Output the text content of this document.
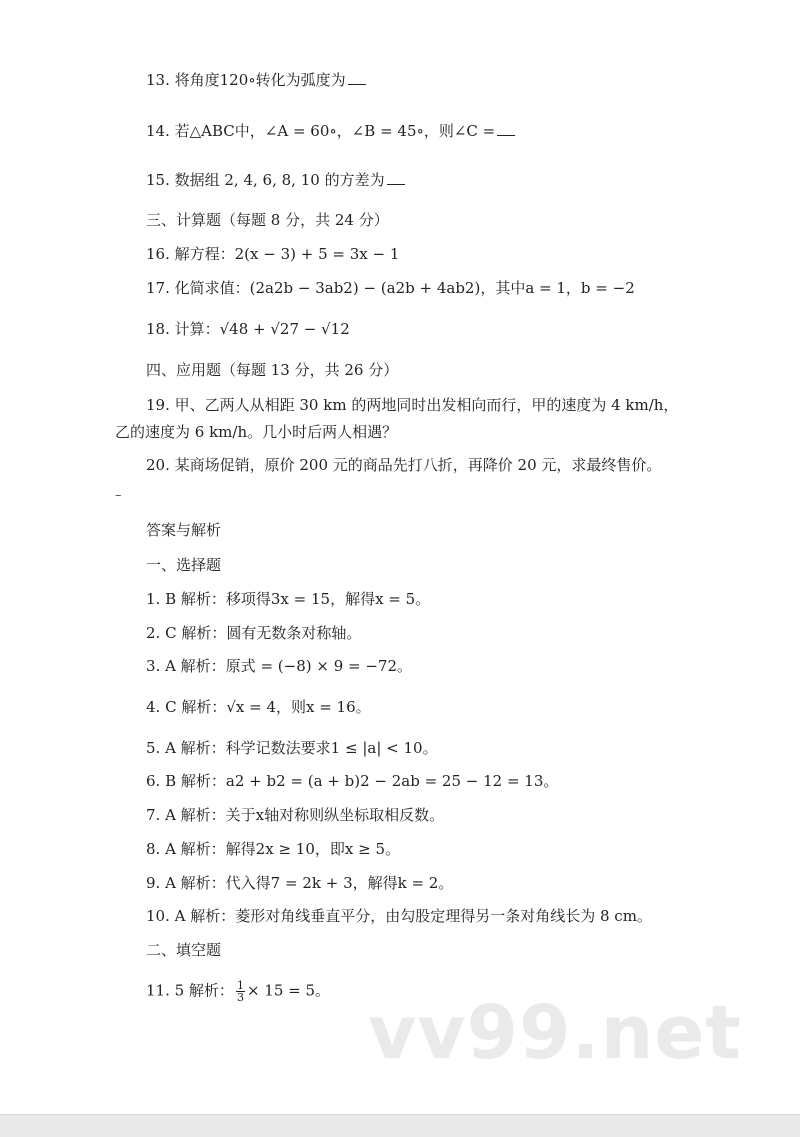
13. 将角度120∘转化为弧度为
14. 若△ABC中，∠A = 60∘，∠B = 45∘，则∠C =
15. 数据组 2, 4, 6, 8, 10 的方差为
三、计算题（每题 8 分，共 24 分）
16. 解方程：2(x − 3) + 5 = 3x − 1
17. 化简求值：(2a2b − 3ab2) − (a2b + 4ab2)，其中a = 1，b = −2
18. 计算：√48 + √27 − √12
四、应用题（每题 13 分，共 26 分）
19. 甲、乙两人从相距 30 km 的两地同时出发相向而行，甲的速度为 4 km/h，
乙的速度为 6 km/h。几小时后两人相遇？
20. 某商场促销，原价 200 元的商品先打八折，再降价 20 元，求最终售价。
–
答案与解析
一、选择题
1. B 解析：移项得3x = 15，解得x = 5。
2. C 解析：圆有无数条对称轴。
3. A 解析：原式 = (−8) × 9 = −72。
4. C 解析：√x = 4，则x = 16。
5. A 解析：科学记数法要求1 ≤ |a| < 10。
6. B 解析：a2 + b2 = (a + b)2 − 2ab = 25 − 12 = 13。
7. A 解析：关于x轴对称则纵坐标取相反数。
8. A 解析：解得2x ≥ 10，即x ≥ 5。
9. A 解析：代入得7 = 2k + 3，解得k = 2。
10. A 解析：菱形对角线垂直平分，由勾股定理得另一条对角线长为 8 cm。
二、填空题
11. 5 解析： $\frac{1}{3} \times 15 = 5$。 vv99.net
